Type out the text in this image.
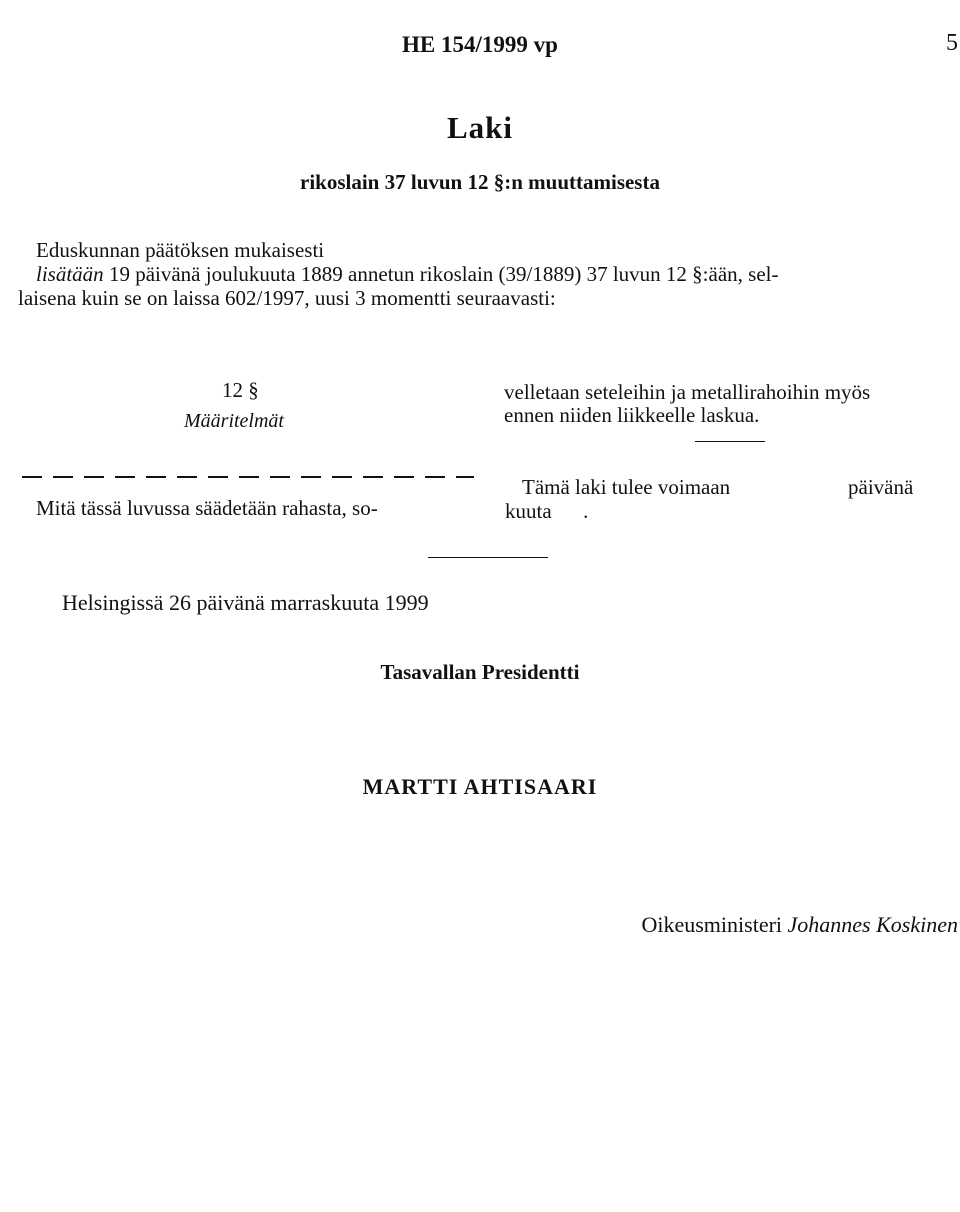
HE 154/1999 vp	5
Laki
rikoslain 37 luvun 12 §:n muuttamisesta
Eduskunnan päätöksen mukaisesti
lisätään 19 päivänä joulukuuta 1889 annetun rikoslain (39/1889) 37 luvun 12 §:ään, sel-
laisena kuin se on laissa 602/1997, uusi 3 momentti seuraavasti:
12 §
Määritelmät
Mitä tässä luvussa säädetään rahasta, so-
velletaan seteleihin ja metallirahoihin myös
ennen niiden liikkeelle laskua.
Tämä laki tulee voimaan	päivänä
kuuta      .
Helsingissä 26 päivänä marraskuuta 1999
Tasavallan Presidentti
MARTTI AHTISAARI
Oikeusministeri Johannes Koskinen
